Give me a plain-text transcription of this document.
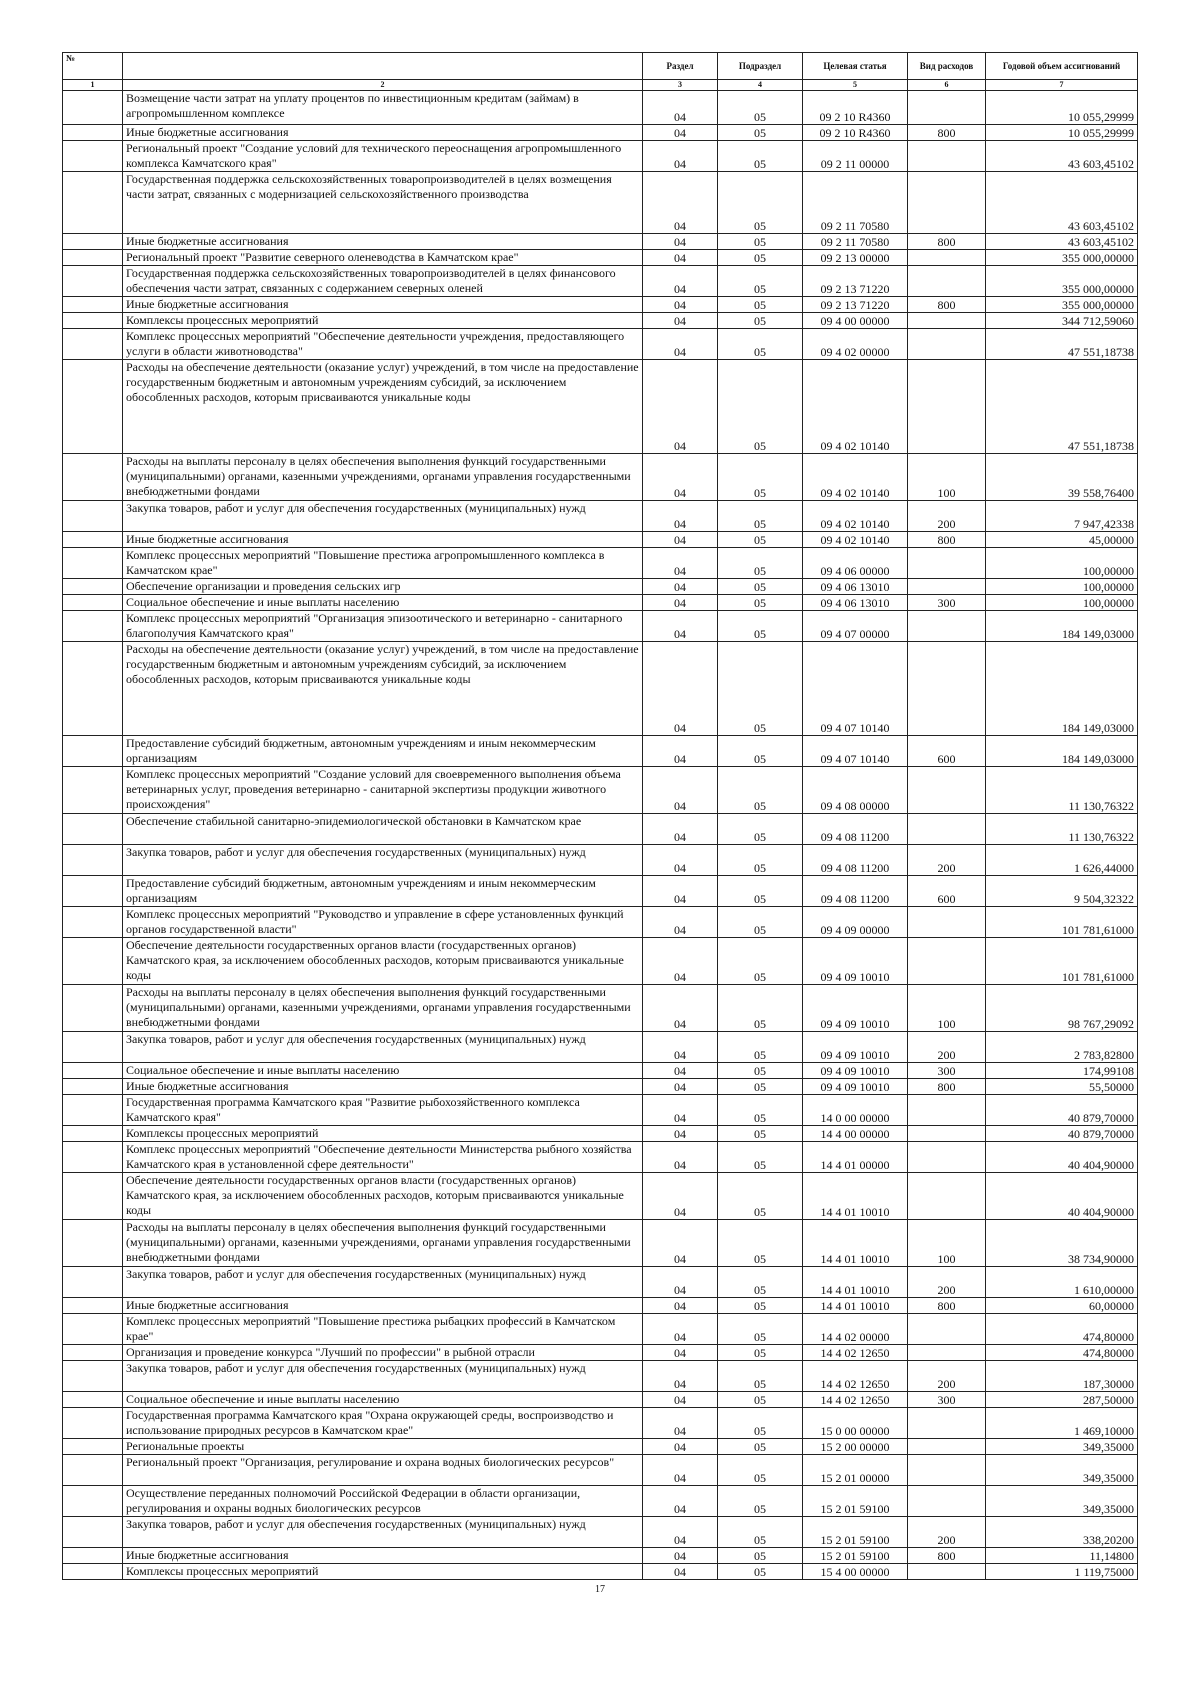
№		Раздел	Подраздел	Целевая статья	Вид расходов	Годовой объем ассигнований
1	2	3	4	5	6	7
	Возмещение части затрат на уплату процентов по инвестиционным кредитам (займам) в агропромышленном комплексе	04	05	09 2 10 R4360		10 055,29999
	Иные бюджетные ассигнования	04	05	09 2 10 R4360	800	10 055,29999
	Региональный проект "Создание условий для технического переоснащения агропромышленного комплекса Камчатского края"	04	05	09 2 11 00000		43 603,45102
	Государственная поддержка сельскохозяйственных товаропроизводителей в целях возмещения части затрат, связанных с модернизацией сельскохозяйственного производства	04	05	09 2 11 70580		43 603,45102
	Иные бюджетные ассигнования	04	05	09 2 11 70580	800	43 603,45102
	Региональный проект "Развитие северного оленеводства в Камчатском крае"	04	05	09 2 13 00000		355 000,00000
	Государственная поддержка сельскохозяйственных товаропроизводителей в целях финансового обеспечения части затрат, связанных с содержанием северных оленей	04	05	09 2 13 71220		355 000,00000
	Иные бюджетные ассигнования	04	05	09 2 13 71220	800	355 000,00000
	Комплексы процессных мероприятий	04	05	09 4 00 00000		344 712,59060
	Комплекс процессных мероприятий "Обеспечение деятельности учреждения, предоставляющего услуги в области животноводства"	04	05	09 4 02 00000		47 551,18738
	Расходы на обеспечение деятельности (оказание услуг) учреждений, в том числе на предоставление государственным бюджетным и автономным учреждениям субсидий, за исключением обособленных расходов, которым присваиваются уникальные коды	04	05	09 4 02 10140		47 551,18738
	Расходы на выплаты персоналу в целях обеспечения выполнения функций государственными (муниципальными) органами, казенными учреждениями, органами управления государственными внебюджетными фондами	04	05	09 4 02 10140	100	39 558,76400
	Закупка товаров, работ и услуг для обеспечения государственных (муниципальных) нужд	04	05	09 4 02 10140	200	7 947,42338
	Иные бюджетные ассигнования	04	05	09 4 02 10140	800	45,00000
	Комплекс процессных мероприятий "Повышение престижа агропромышленного комплекса в Камчатском крае"	04	05	09 4 06 00000		100,00000
	Обеспечение организации и проведения сельских игр	04	05	09 4 06 13010		100,00000
	Социальное обеспечение и иные выплаты населению	04	05	09 4 06 13010	300	100,00000
	Комплекс процессных мероприятий "Организация эпизоотического и ветеринарно - санитарного благополучия Камчатского края"	04	05	09 4 07 00000		184 149,03000
	Расходы на обеспечение деятельности (оказание услуг) учреждений, в том числе на предоставление государственным бюджетным и автономным учреждениям субсидий, за исключением обособленных расходов, которым присваиваются уникальные коды	04	05	09 4 07 10140		184 149,03000
	Предоставление субсидий бюджетным, автономным учреждениям и иным некоммерческим организациям	04	05	09 4 07 10140	600	184 149,03000
	Комплекс процессных мероприятий "Создание условий для своевременного выполнения объема ветеринарных услуг, проведения ветеринарно - санитарной экспертизы продукции животного происхождения"	04	05	09 4 08 00000		11 130,76322
	Обеспечение стабильной санитарно-эпидемиологической обстановки в Камчатском крае	04	05	09 4 08 11200		11 130,76322
	Закупка товаров, работ и услуг для обеспечения государственных (муниципальных) нужд	04	05	09 4 08 11200	200	1 626,44000
	Предоставление субсидий бюджетным, автономным учреждениям и иным некоммерческим организациям	04	05	09 4 08 11200	600	9 504,32322
	Комплекс процессных мероприятий "Руководство и управление в сфере установленных функций органов государственной власти"	04	05	09 4 09 00000		101 781,61000
	Обеспечение деятельности государственных органов власти (государственных органов) Камчатского края, за исключением обособленных расходов, которым присваиваются уникальные коды	04	05	09 4 09 10010		101 781,61000
	Расходы на выплаты персоналу в целях обеспечения выполнения функций государственными (муниципальными) органами, казенными учреждениями, органами управления государственными внебюджетными фондами	04	05	09 4 09 10010	100	98 767,29092
	Закупка товаров, работ и услуг для обеспечения государственных (муниципальных) нужд	04	05	09 4 09 10010	200	2 783,82800
	Социальное обеспечение и иные выплаты населению	04	05	09 4 09 10010	300	174,99108
	Иные бюджетные ассигнования	04	05	09 4 09 10010	800	55,50000
	Государственная программа Камчатского края "Развитие рыбохозяйственного комплекса Камчатского края"	04	05	14 0 00 00000		40 879,70000
	Комплексы процессных мероприятий	04	05	14 4 00 00000		40 879,70000
	Комплекс процессных мероприятий "Обеспечение деятельности Министерства рыбного хозяйства Камчатского края в установленной сфере деятельности"	04	05	14 4 01 00000		40 404,90000
	Обеспечение деятельности государственных органов власти (государственных органов) Камчатского края, за исключением обособленных расходов, которым присваиваются уникальные коды	04	05	14 4 01 10010		40 404,90000
	Расходы на выплаты персоналу в целях обеспечения выполнения функций государственными (муниципальными) органами, казенными учреждениями, органами управления государственными внебюджетными фондами	04	05	14 4 01 10010	100	38 734,90000
	Закупка товаров, работ и услуг для обеспечения государственных (муниципальных) нужд	04	05	14 4 01 10010	200	1 610,00000
	Иные бюджетные ассигнования	04	05	14 4 01 10010	800	60,00000
	Комплекс процессных мероприятий "Повышение престижа рыбацких профессий в Камчатском крае"	04	05	14 4 02 00000		474,80000
	Организация и проведение конкурса "Лучший по профессии" в рыбной отрасли	04	05	14 4 02 12650		474,80000
	Закупка товаров, работ и услуг для обеспечения государственных (муниципальных) нужд	04	05	14 4 02 12650	200	187,30000
	Социальное обеспечение и иные выплаты населению	04	05	14 4 02 12650	300	287,50000
	Государственная программа Камчатского края "Охрана окружающей среды, воспроизводство и использование природных ресурсов в Камчатском крае"	04	05	15 0 00 00000		1 469,10000
	Региональные проекты	04	05	15 2 00 00000		349,35000
	Региональный проект "Организация, регулирование и охрана водных биологических ресурсов"	04	05	15 2 01 00000		349,35000
	Осуществление переданных полномочий Российской Федерации в области организации, регулирования и охраны водных биологических ресурсов	04	05	15 2 01 59100		349,35000
	Закупка товаров, работ и услуг для обеспечения государственных (муниципальных) нужд	04	05	15 2 01 59100	200	338,20200
	Иные бюджетные ассигнования	04	05	15 2 01 59100	800	11,14800
	Комплексы процессных мероприятий	04	05	15 4 00 00000		1 119,75000
17
